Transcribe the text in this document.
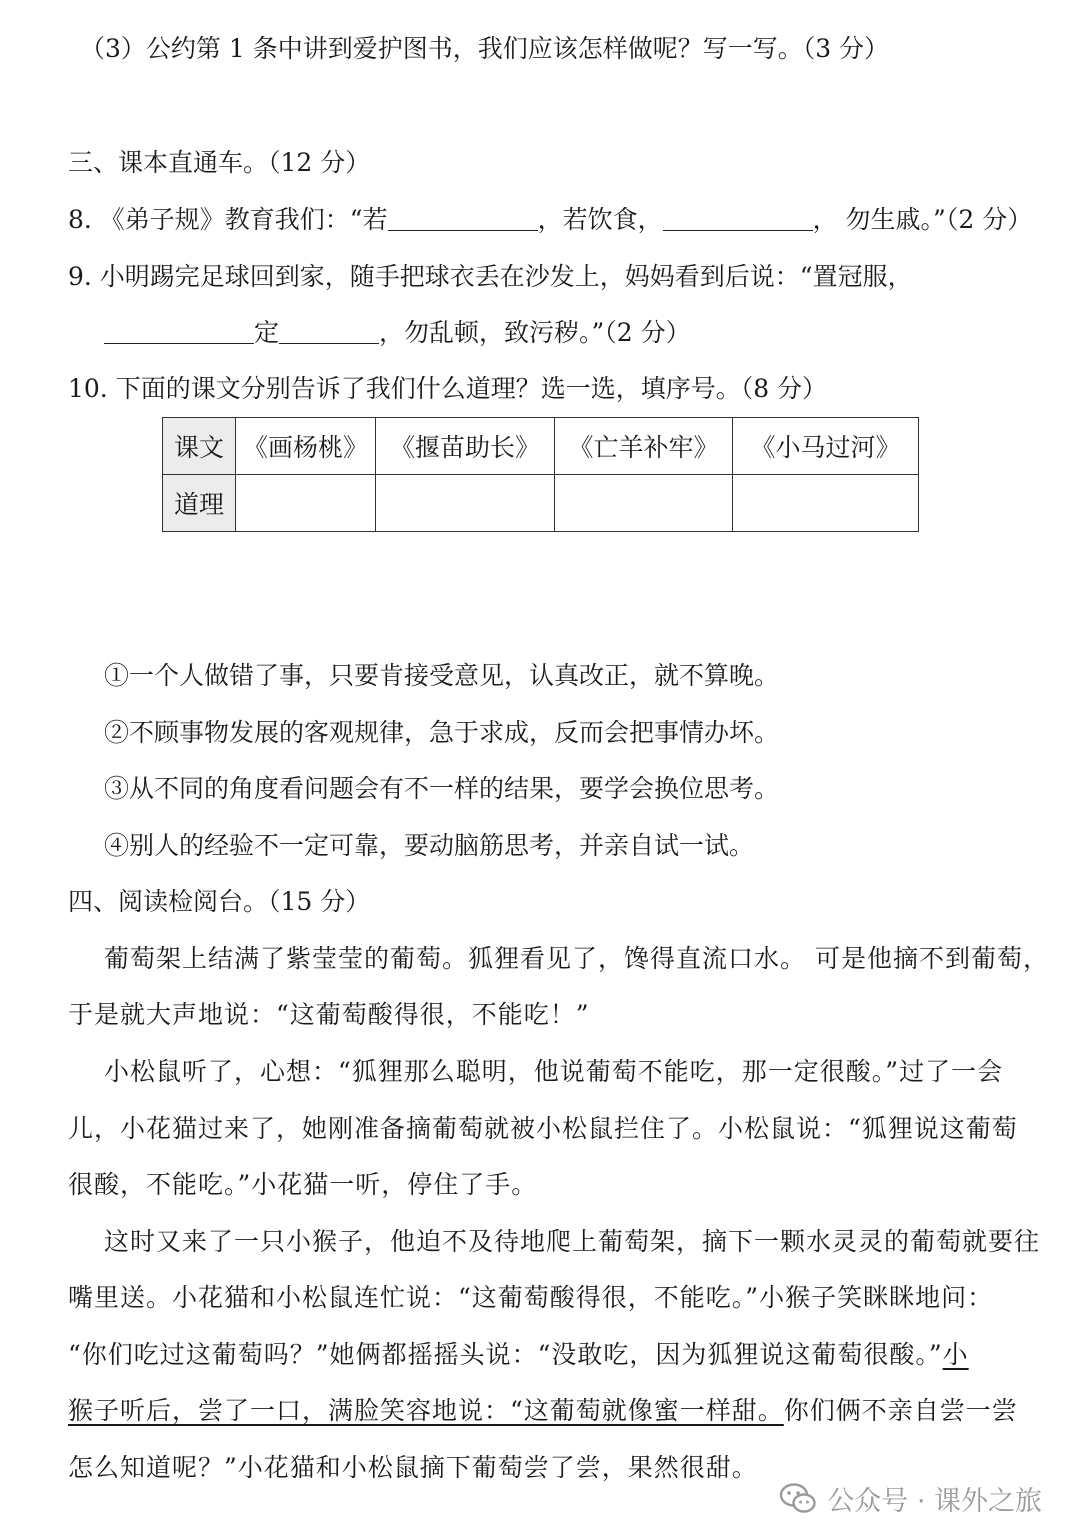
（3）公约第 1 条中讲到爱护图书，我们应该怎样做呢？写一写。（3 分）
三、课本直通车。（12 分）
8. 《弟子规》教育我们：“若	，若饮食，	， 勿生戚。”（2 分）
9. 小明踢完足球回到家，随手把球衣丢在沙发上，妈妈看到后说：“置冠服，
定	，勿乱顿，致污秽。”（2 分）
10. 下面的课文分别告诉了我们什么道理？选一选，填序号。（8 分）
课文	《画杨桃》	《揠苗助长》	《亡羊补牢》	《小马过河》
道理				
①一个人做错了事，只要肯接受意见，认真改正，就不算晚。
②不顾事物发展的客观规律，急于求成，反而会把事情办坏。
③从不同的角度看问题会有不一样的结果，要学会换位思考。
④别人的经验不一定可靠，要动脑筋思考，并亲自试一试。
四、阅读检阅台。（15 分）
葡萄架上结满了紫莹莹的葡萄。狐狸看见了，馋得直流口水。 可是他摘不到葡萄，
于是就大声地说：“这葡萄酸得很，不能吃！”
小松鼠听了，心想：“狐狸那么聪明，他说葡萄不能吃，那一定很酸。”过了一会
儿，小花猫过来了，她刚准备摘葡萄就被小松鼠拦住了。小松鼠说：“狐狸说这葡萄
很酸，不能吃。”小花猫一听，停住了手。
这时又来了一只小猴子，他迫不及待地爬上葡萄架，摘下一颗水灵灵的葡萄就要往
嘴里送。小花猫和小松鼠连忙说：“这葡萄酸得很，不能吃。”小猴子笑眯眯地问：
“你们吃过这葡萄吗？”她俩都摇摇头说：“没敢吃，因为狐狸说这葡萄很酸。”小
猴子听后，尝了一口，满脸笑容地说：“这葡萄就像蜜一样甜。你们俩不亲自尝一尝
怎么知道呢？”小花猫和小松鼠摘下葡萄尝了尝，果然很甜。
公众号 · 课外之旅
